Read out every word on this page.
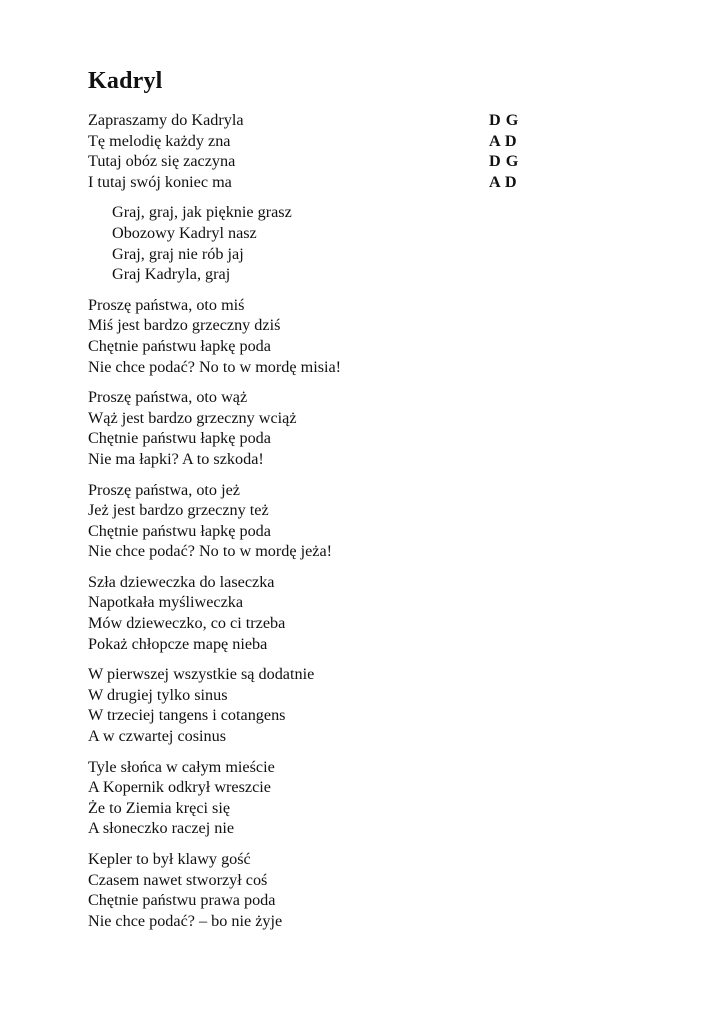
Kadryl
Zapraszamy do Kadryla	D G
Tę melodię każdy zna	A D
Tutaj obóz się zaczyna	D G
I tutaj swój koniec ma	A D
Graj, graj, jak pięknie grasz
Obozowy Kadryl nasz
Graj, graj nie rób jaj
Graj Kadryla, graj
Proszę państwa, oto miś
Miś jest bardzo grzeczny dziś
Chętnie państwu łapkę poda
Nie chce podać? No to w mordę misia!
Proszę państwa, oto wąż
Wąż jest bardzo grzeczny wciąż
Chętnie państwu łapkę poda
Nie ma łapki? A to szkoda!
Proszę państwa, oto jeż
Jeż jest bardzo grzeczny też
Chętnie państwu łapkę poda
Nie chce podać? No to w mordę jeża!
Szła dzieweczka do laseczka
Napotkała myśliweczka
Mów dzieweczko, co ci trzeba
Pokaż chłopcze mapę nieba
W pierwszej wszystkie są dodatnie
W drugiej tylko sinus
W trzeciej tangens i cotangens
A w czwartej cosinus
Tyle słońca w całym mieście
A Kopernik odkrył wreszcie
Że to Ziemia kręci się
A słoneczko raczej nie
Kepler to był klawy gość
Czasem nawet stworzył coś
Chętnie państwu prawa poda
Nie chce podać? – bo nie żyje
